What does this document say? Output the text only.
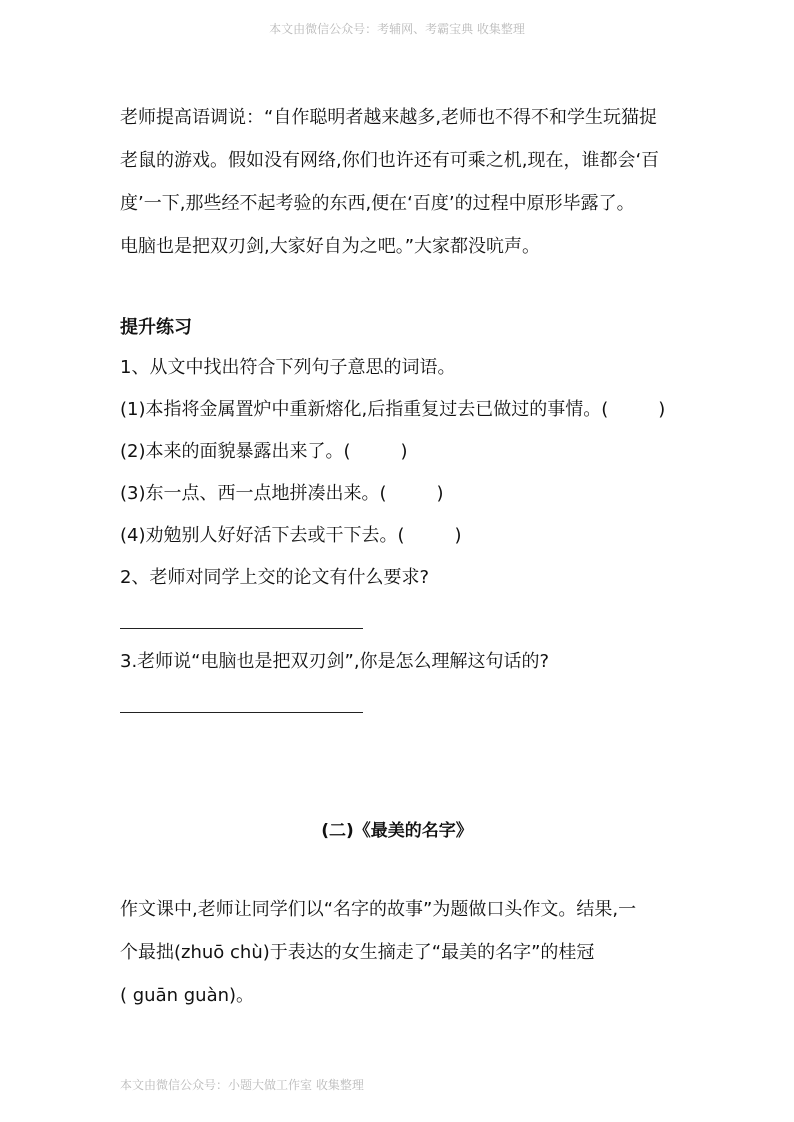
本文由微信公众号：考辅网、考霸宝典 收集整理
老师提高语调说：“自作聪明者越来越多,老师也不得不和学生玩猫捉
老鼠的游戏。假如没有网络,你们也许还有可乘之机,现在，谁都会‘百
度’一下,那些经不起考验的东西,便在‘百度’的过程中原形毕露了。
电脑也是把双刃剑,大家好自为之吧。”大家都没吭声。
提升练习
1、从文中找出符合下列句子意思的词语。
(1)本指将金属置炉中重新熔化,后指重复过去已做过的事情。(	)
(2)本来的面貌暴露出来了。(	)
(3)东一点、西一点地拼凑出来。(	)
(4)劝勉别人好好活下去或干下去。(	)
2、老师对同学上交的论文有什么要求?
3.老师说“电脑也是把双刃剑”,你是怎么理解这句话的?
(二)《最美的名字》
作文课中,老师让同学们以“名字的故事”为题做口头作文。结果,一
个最拙(zhuō chù)于表达的女生摘走了“最美的名字”的桂冠
( guān guàn)。
本文由微信公众号：小题大做工作室 收集整理
